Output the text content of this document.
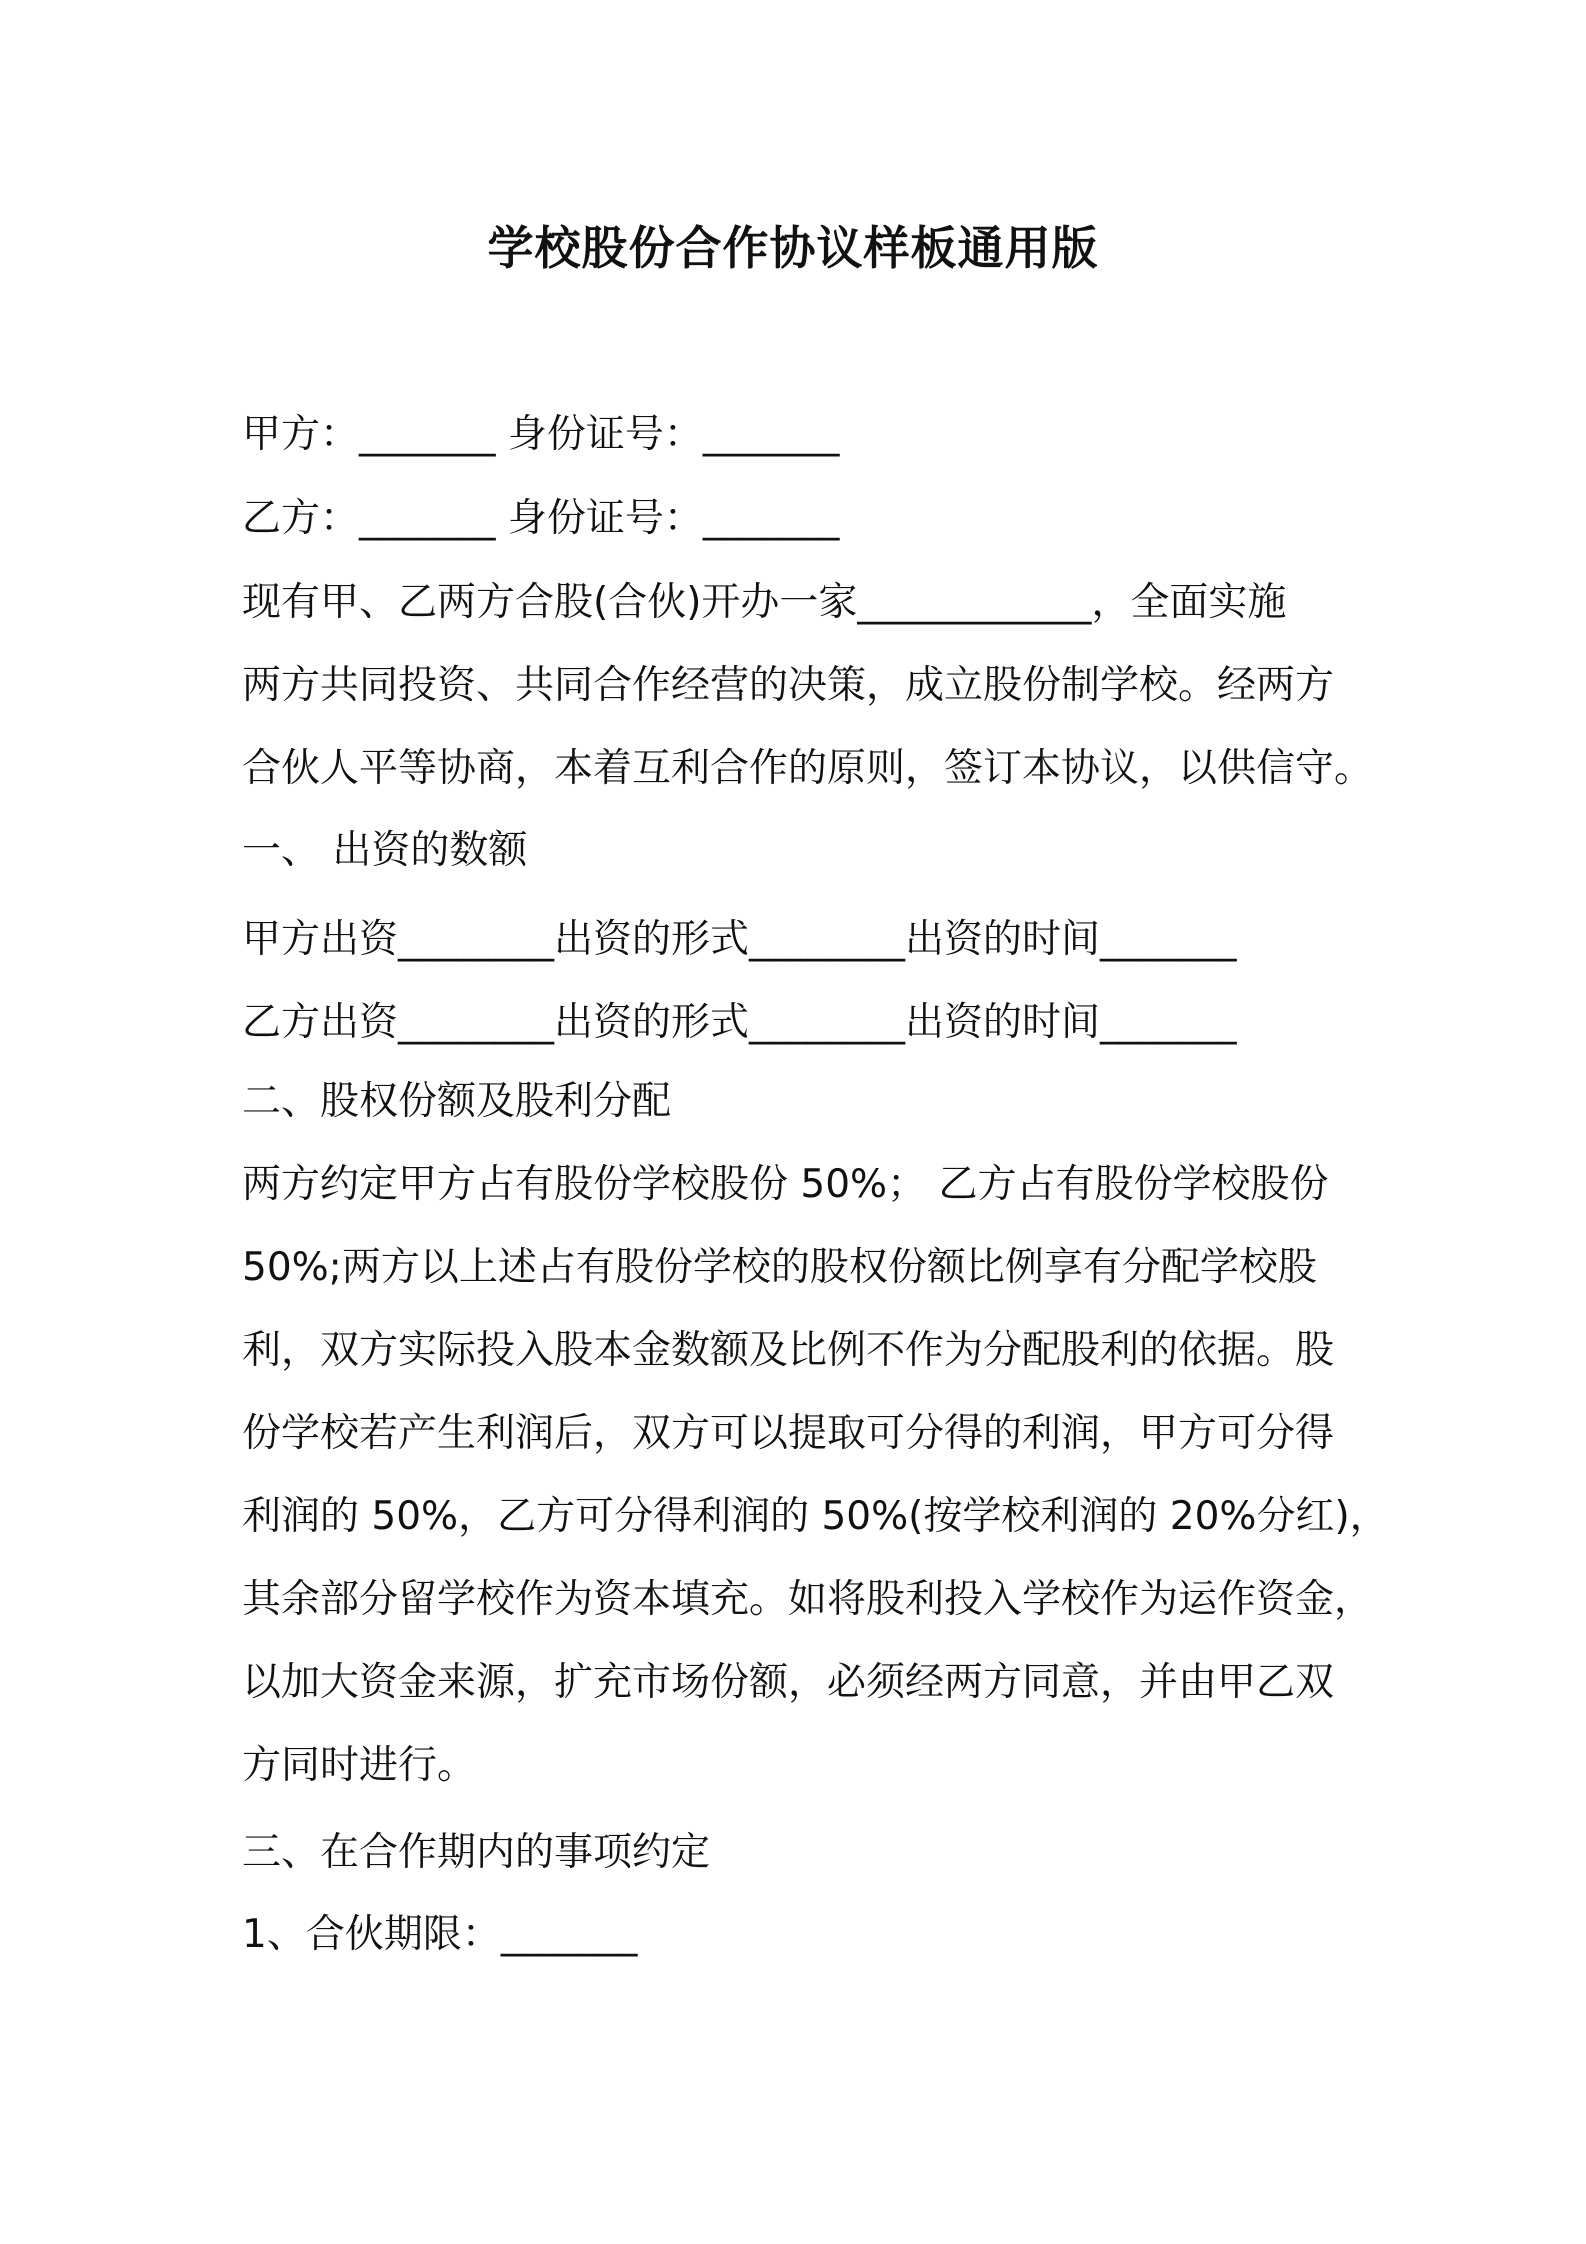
学校股份合作协议样板通用版
甲方：_______ 身份证号：_______
乙方：_______ 身份证号：_______
现有甲、乙两方合股(合伙)开办一家____________，全面实施
两方共同投资、共同合作经营的决策，成立股份制学校。经两方
合伙人平等协商，本着互利合作的原则，签订本协议，以供信守。
一、 出资的数额
甲方出资________出资的形式________出资的时间_______
乙方出资________出资的形式________出资的时间_______
二、股权份额及股利分配
两方约定甲方占有股份学校股份 50%； 乙方占有股份学校股份
50%;两方以上述占有股份学校的股权份额比例享有分配学校股
利，双方实际投入股本金数额及比例不作为分配股利的依据。股
份学校若产生利润后，双方可以提取可分得的利润，甲方可分得
利润的 50%，乙方可分得利润的 50%(按学校利润的 20%分红)，
其余部分留学校作为资本填充。如将股利投入学校作为运作资金，
以加大资金来源，扩充市场份额，必须经两方同意，并由甲乙双
方同时进行。
三、在合作期内的事项约定
1、合伙期限：_______
